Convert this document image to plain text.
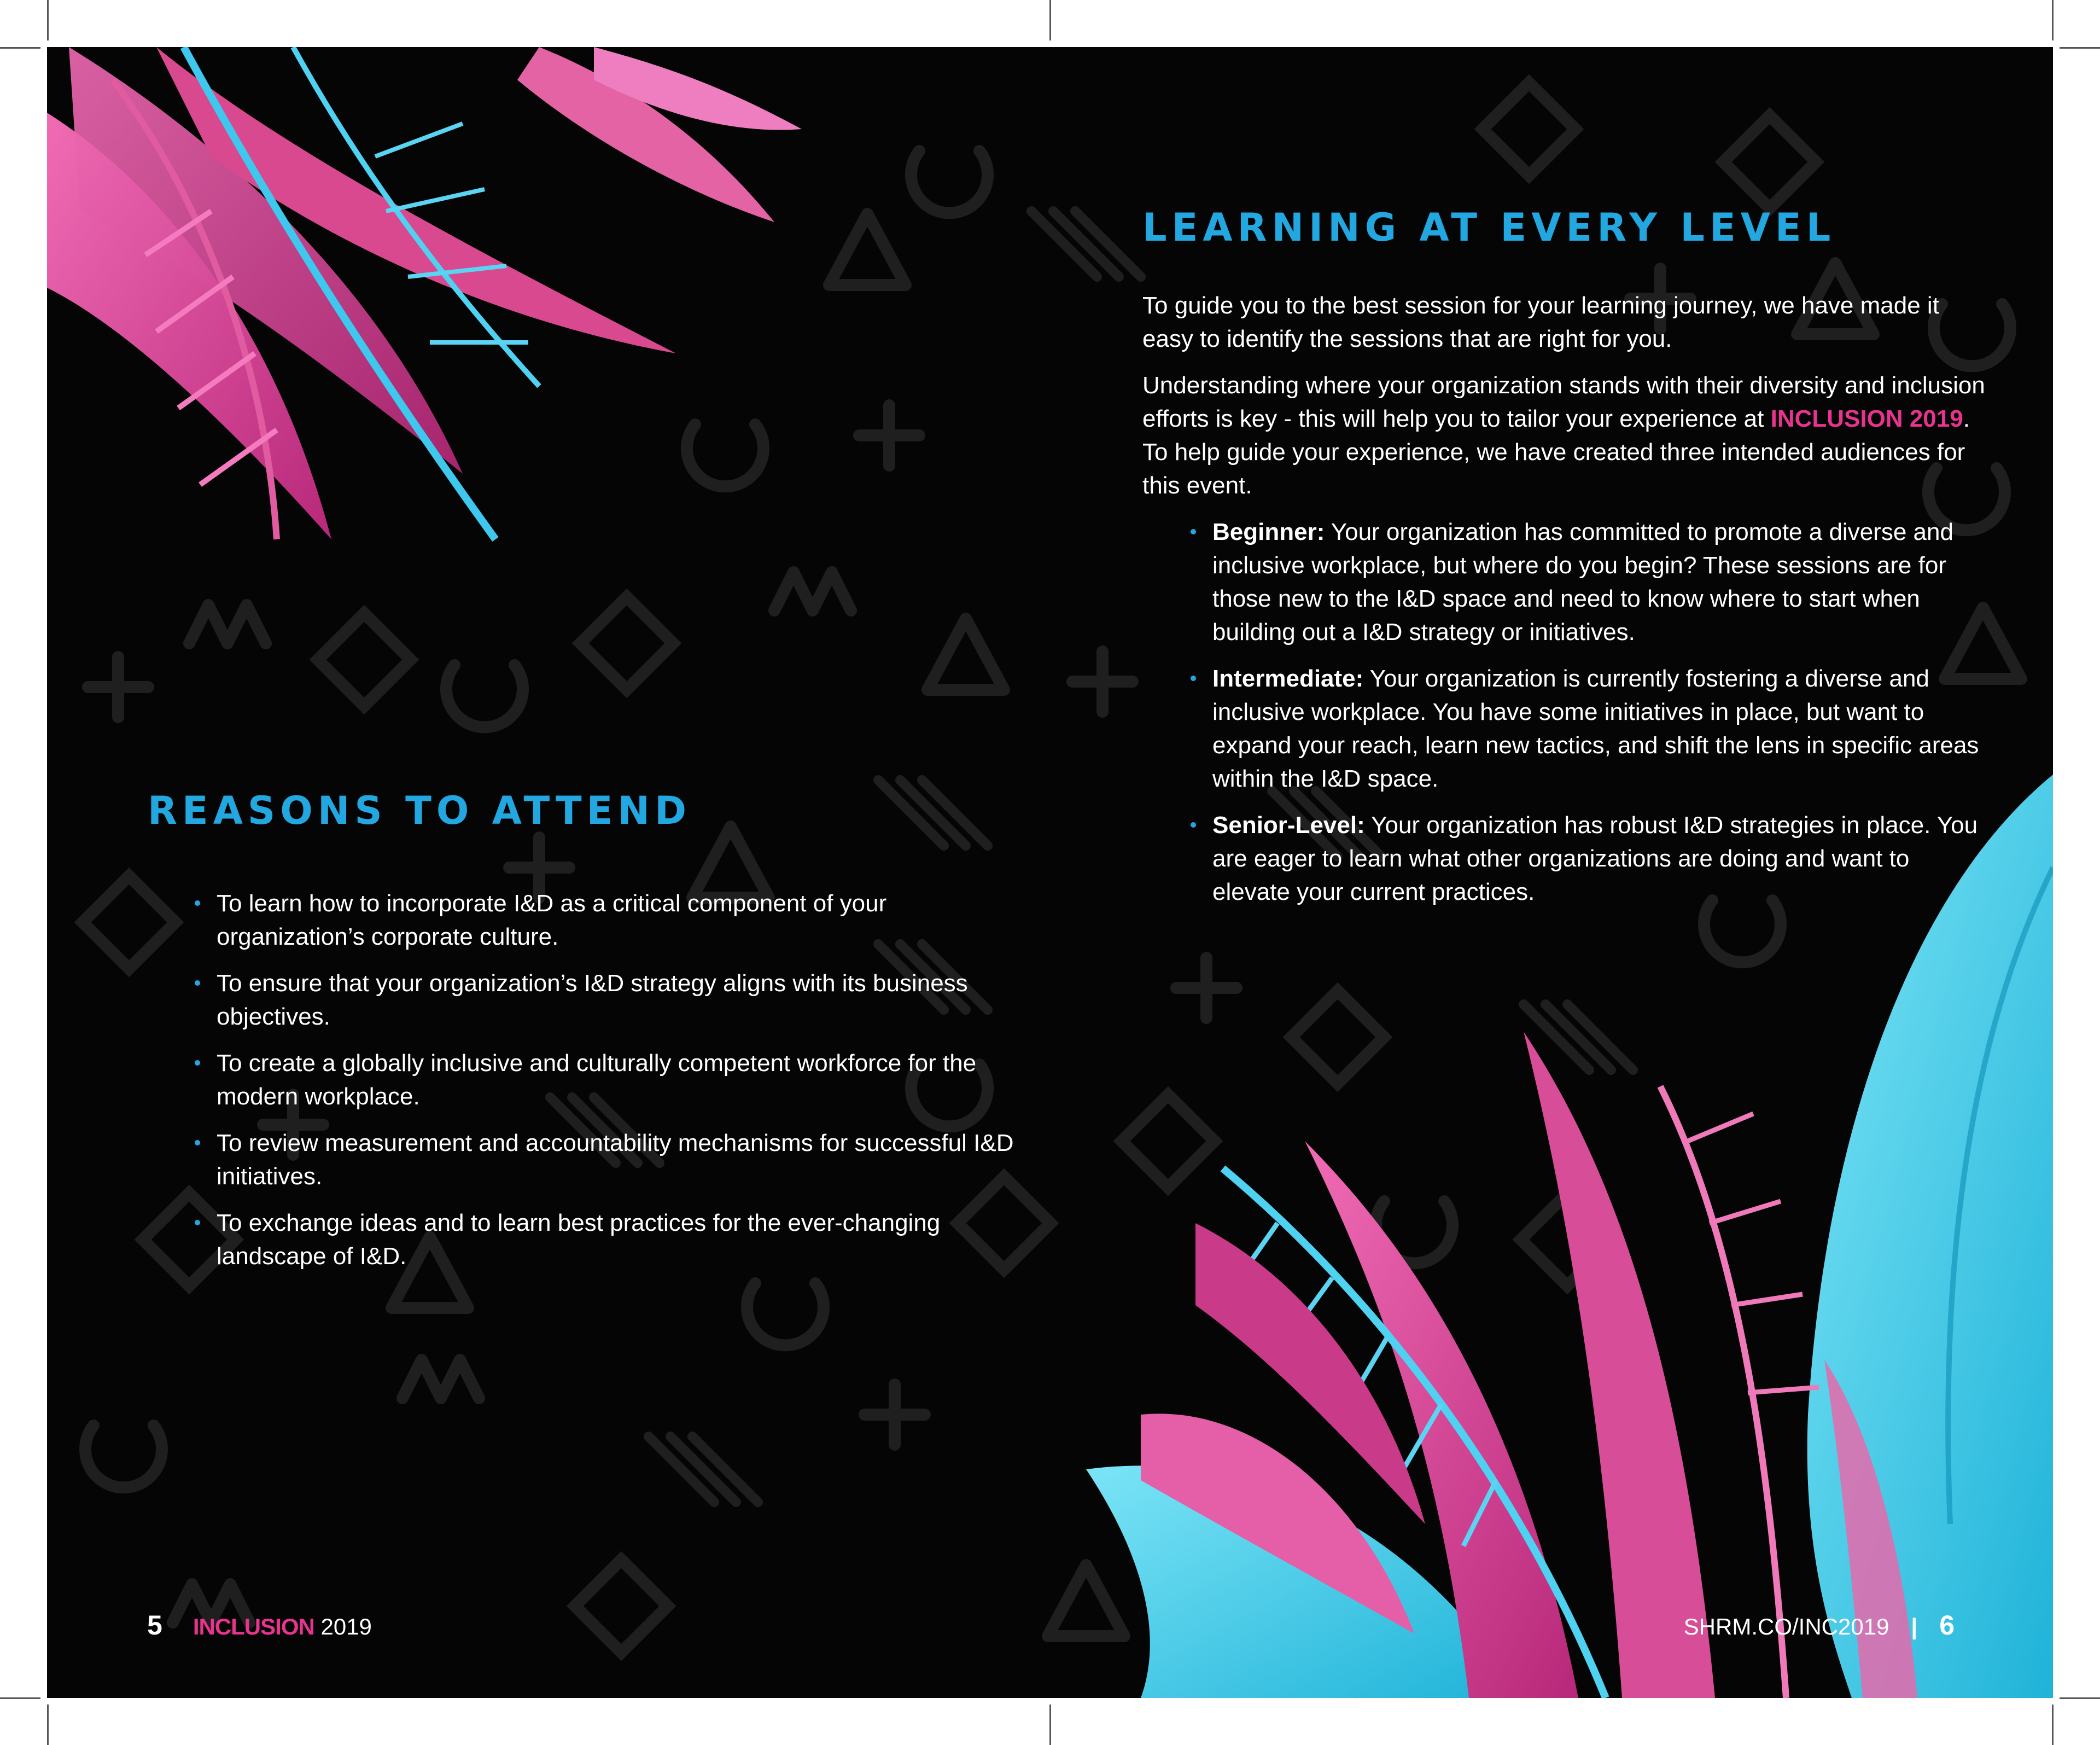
REASONS TO ATTEND
To learn how to incorporate I&D as a critical component of your organization’s corporate culture.
To ensure that your organization’s I&D strategy aligns with its business objectives.
To create a globally inclusive and culturally competent workforce for the modern workplace.
To review measurement and accountability mechanisms for successful I&D initiatives.
To exchange ideas and to learn best practices for the ever-changing landscape of I&D.
LEARNING AT EVERY LEVEL

To guide you to the best session for your learning journey, we have made it easy to identify the sessions that are right for you.

Understanding where your organization stands with their diversity and inclusion efforts is key - this will help you to tailor your experience at INCLUSION 2019. To help guide your experience, we have created three intended audiences for this event.

Beginner: Your organization has committed to promote a diverse and inclusive workplace, but where do you begin? These sessions are for those new to the I&D space and need to know where to start when building out a I&D strategy or initiatives.
Intermediate: Your organization is currently fostering a diverse and inclusive workplace. You have some initiatives in place, but want to expand your reach, learn new tactics, and shift the lens in specific areas within the I&D space.
Senior-Level: Your organization has robust I&D strategies in place. You are eager to learn what other organizations are doing and want to elevate your current practices.
5 INCLUSION 2019	SHRM.CO/INC2019 | 6
